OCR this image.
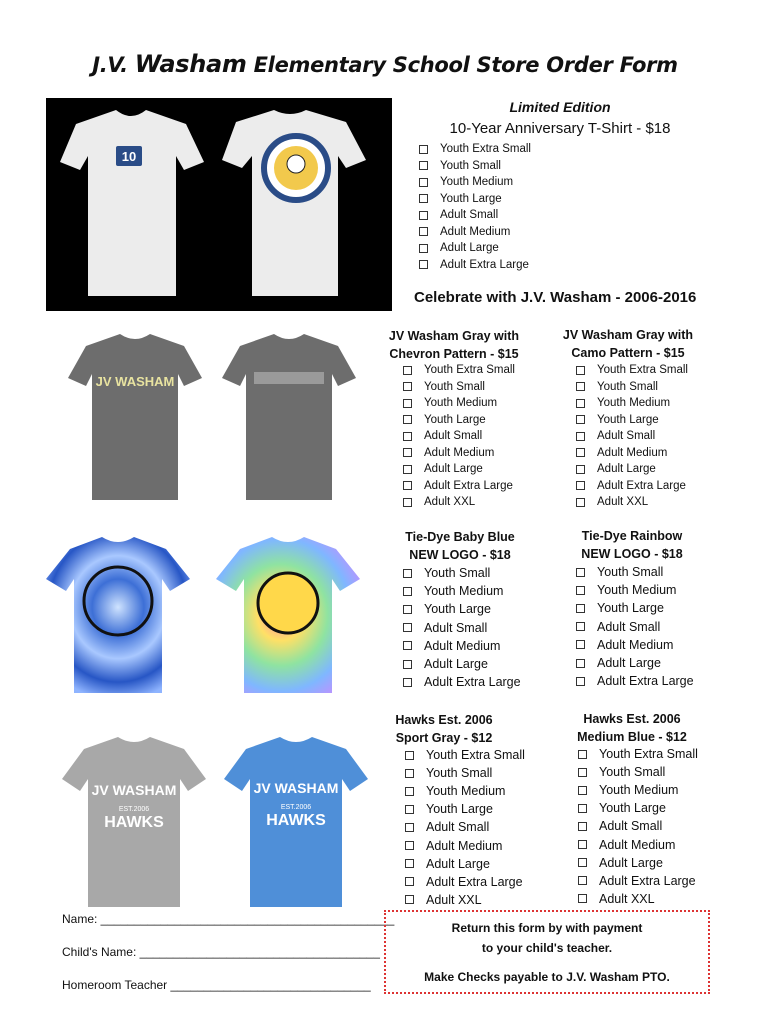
J.V. Washam Elementary School Store Order Form
10
Limited Edition
10-Year Anniversary T-Shirt - $18
Youth Extra Small
Youth Small
Youth Medium
Youth Large
Adult Small
Adult Medium
Adult Large
Adult Extra Large
Celebrate with J.V. Washam - 2006-2016
JV WASHAM
JV Washam Gray with
Chevron Pattern - $15
Youth Extra Small
Youth Small
Youth Medium
Youth Large
Adult Small
Adult Medium
Adult Large
Adult Extra Large
Adult XXL
JV Washam Gray with
Camo Pattern - $15
Youth Extra Small
Youth Small
Youth Medium
Youth Large
Adult Small
Adult Medium
Adult Large
Adult Extra Large
Adult XXL
Tie-Dye Baby Blue
NEW LOGO - $18
Youth Small
Youth Medium
Youth Large
Adult Small
Adult Medium
Adult Large
Adult Extra Large
Tie-Dye Rainbow
NEW LOGO - $18
Youth Small
Youth Medium
Youth Large
Adult Small
Adult Medium
Adult Large
Adult Extra Large
JV WASHAM
EST.2006
HAWKS
JV WASHAM
EST.2006
HAWKS
Hawks Est. 2006
Sport Gray - $12
Youth Extra Small
Youth Small
Youth Medium
Youth Large
Adult Small
Adult Medium
Adult Large
Adult Extra Large
Adult XXL
Hawks Est. 2006
Medium Blue - $12
Youth Extra Small
Youth Small
Youth Medium
Youth Large
Adult Small
Adult Medium
Adult Large
Adult Extra Large
Adult XXL
Name: ____________________________________________
Child's Name: ____________________________________
Homeroom Teacher ______________________________
Return this form by with payment
to your child's teacher.
Make Checks payable to J.V. Washam PTO.
